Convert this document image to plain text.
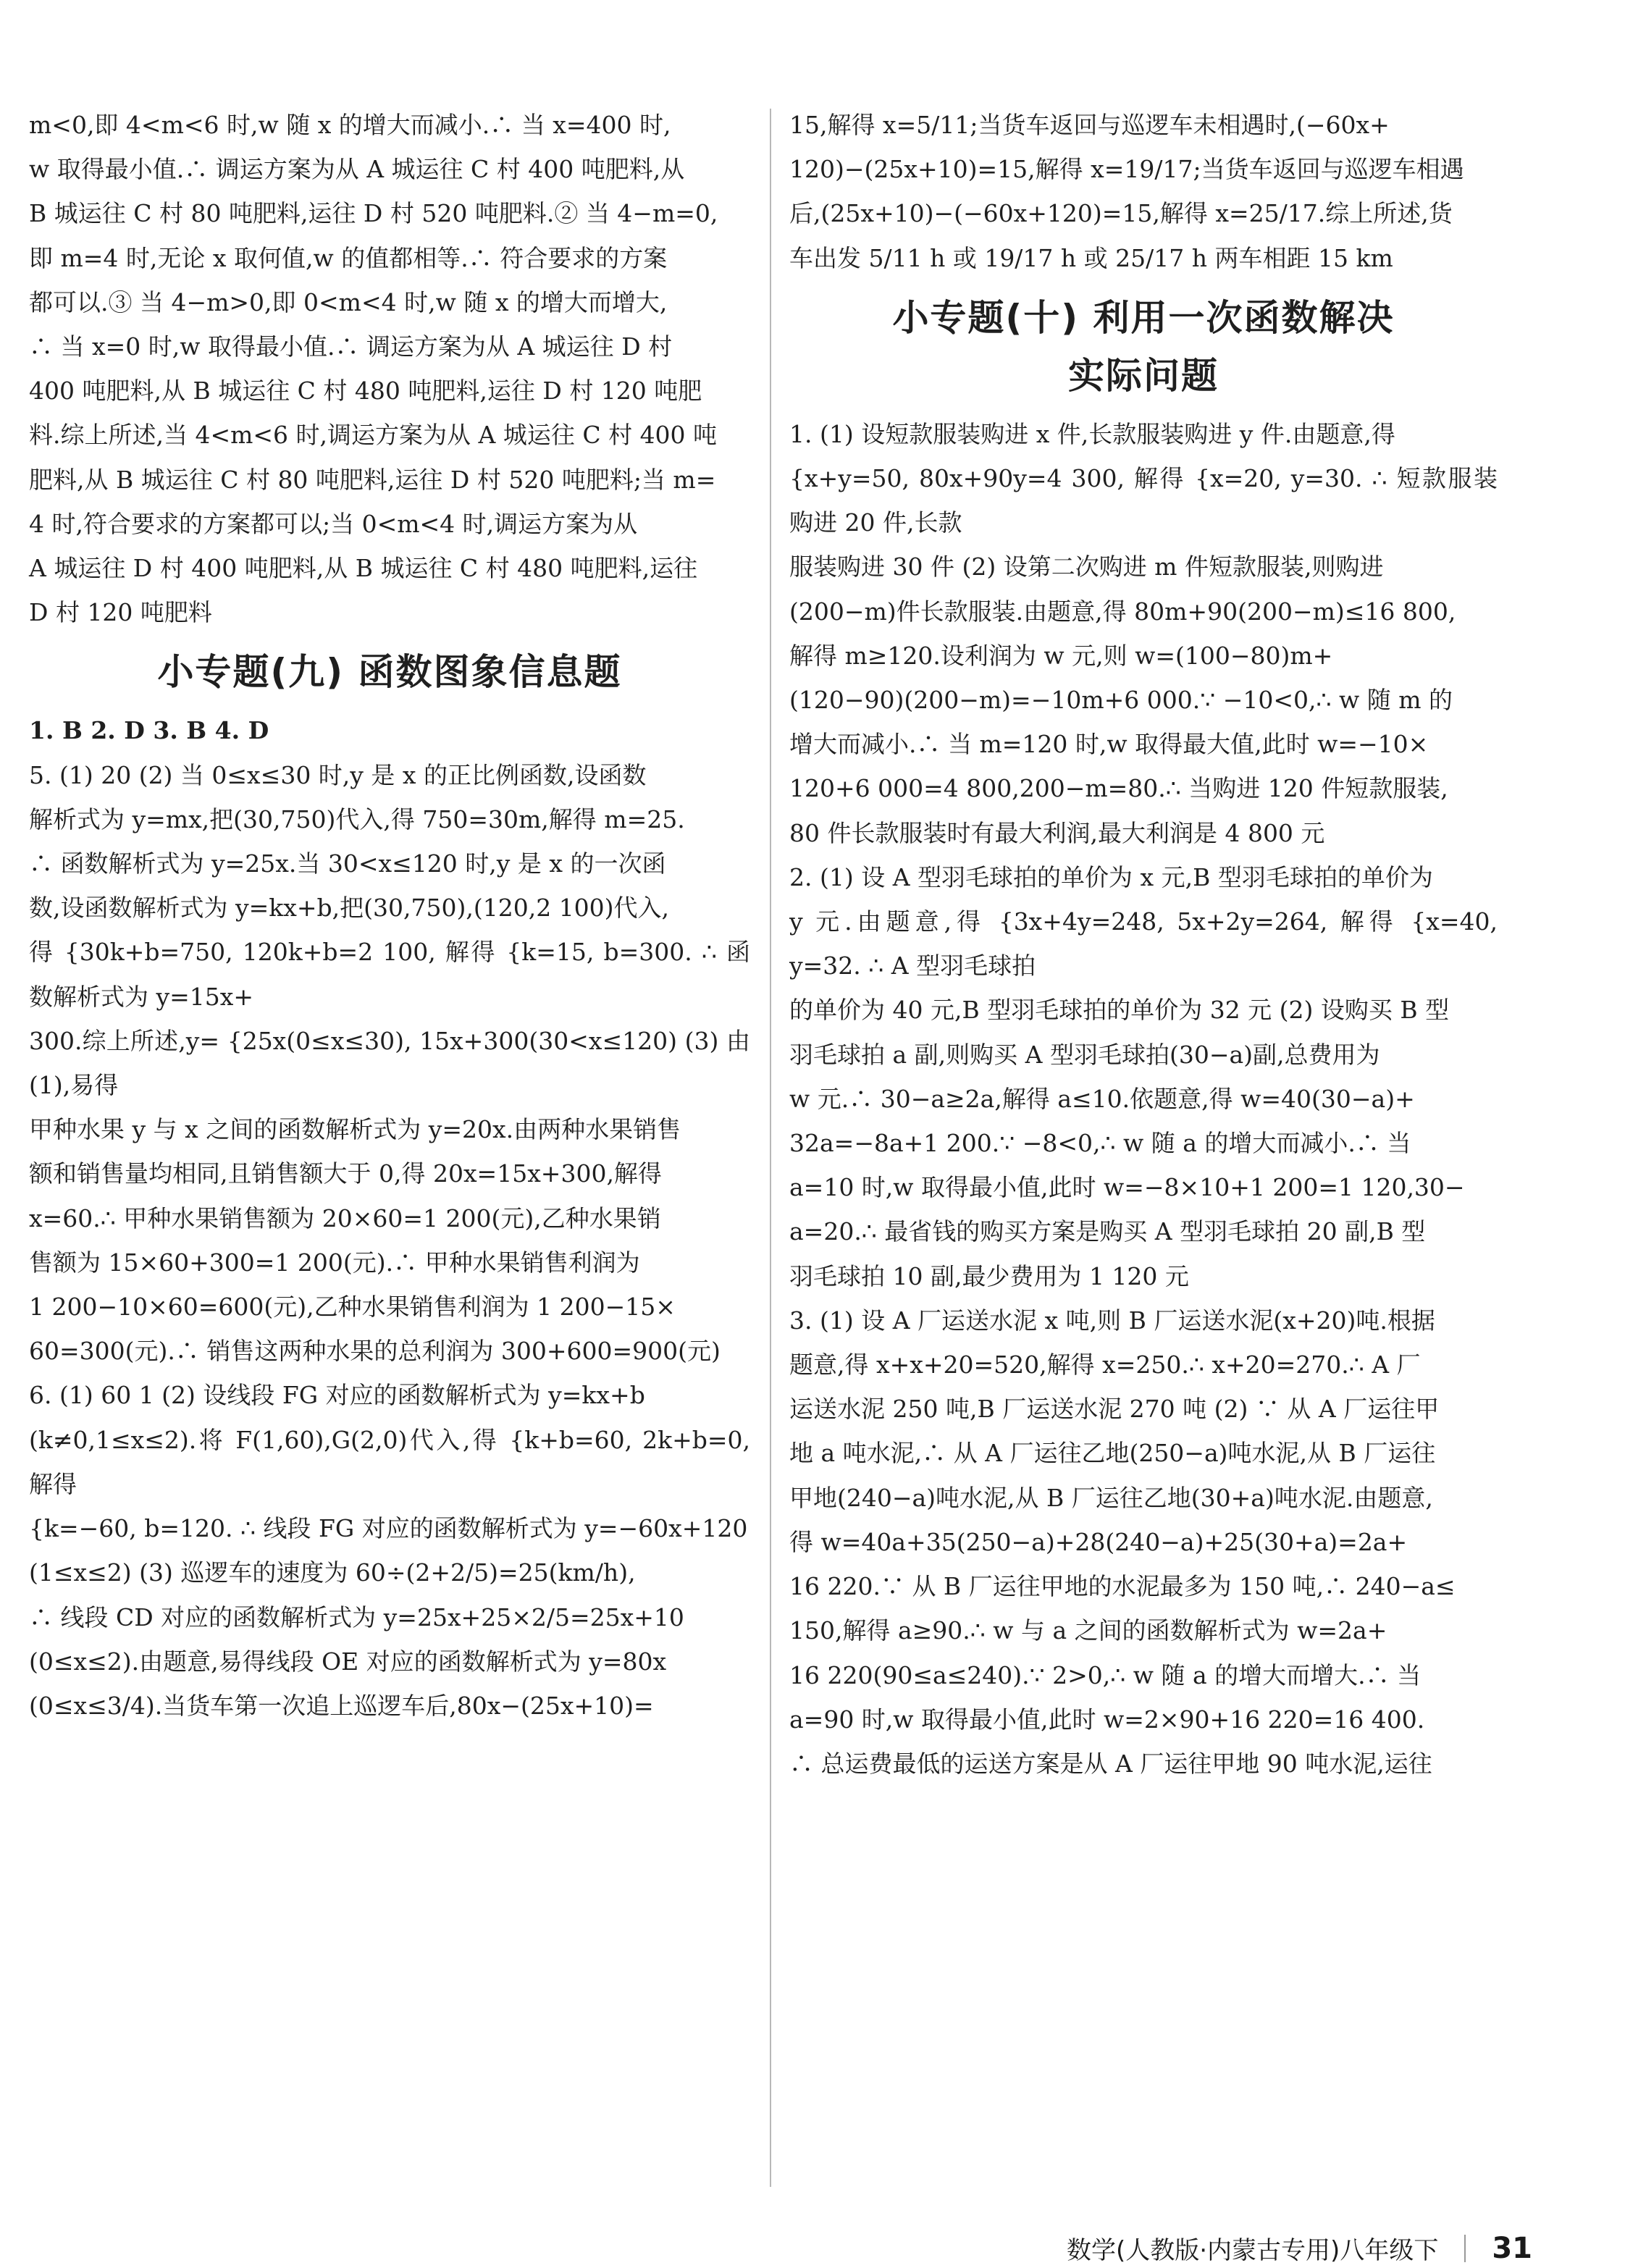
m<0,即 4<m<6 时,w 随 x 的增大而减小.∴ 当 x=400 时,

w 取得最小值.∴ 调运方案为从 A 城运往 C 村 400 吨肥料,从

B 城运往 C 村 80 吨肥料,运往 D 村 520 吨肥料.② 当 4−m=0,

即 m=4 时,无论 x 取何值,w 的值都相等.∴ 符合要求的方案

都可以.③ 当 4−m>0,即 0<m<4 时,w 随 x 的增大而增大,

∴ 当 x=0 时,w 取得最小值.∴ 调运方案为从 A 城运往 D 村

400 吨肥料,从 B 城运往 C 村 480 吨肥料,运往 D 村 120 吨肥

料.综上所述,当 4<m<6 时,调运方案为从 A 城运往 C 村 400 吨

肥料,从 B 城运往 C 村 80 吨肥料,运往 D 村 520 吨肥料;当 m=

4 时,符合要求的方案都可以;当 0<m<4 时,调运方案为从

A 城运往 D 村 400 吨肥料,从 B 城运往 C 村 480 吨肥料,运往

D 村 120 吨肥料

小专题(九) 函数图象信息题

1. B 2. D 3. B 4. D

5. (1) 20 (2) 当 0≤x≤30 时,y 是 x 的正比例函数,设函数

解析式为 y=mx,把(30,750)代入,得 750=30m,解得 m=25.

∴ 函数解析式为 y=25x.当 30<x≤120 时,y 是 x 的一次函

数,设函数解析式为 y=kx+b,把(30,750),(120,2 100)代入,

得 {30k+b=750, 120k+b=2 100, 解得 {k=15, b=300. ∴ 函数解析式为 y=15x+

300.综上所述,y= {25x(0≤x≤30), 15x+300(30<x≤120) (3) 由(1),易得

甲种水果 y 与 x 之间的函数解析式为 y=20x.由两种水果销售

额和销售量均相同,且销售额大于 0,得 20x=15x+300,解得

x=60.∴ 甲种水果销售额为 20×60=1 200(元),乙种水果销

售额为 15×60+300=1 200(元).∴ 甲种水果销售利润为

1 200−10×60=600(元),乙种水果销售利润为 1 200−15×

60=300(元).∴ 销售这两种水果的总利润为 300+600=900(元)

6. (1) 60 1 (2) 设线段 FG 对应的函数解析式为 y=kx+b

(k≠0,1≤x≤2).将 F(1,60),G(2,0)代入,得 {k+b=60, 2k+b=0, 解得

{k=−60, b=120. ∴ 线段 FG 对应的函数解析式为 y=−60x+120

(1≤x≤2) (3) 巡逻车的速度为 60÷(2+2/5)=25(km/h),

∴ 线段 CD 对应的函数解析式为 y=25x+25×2/5=25x+10

(0≤x≤2).由题意,易得线段 OE 对应的函数解析式为 y=80x

(0≤x≤3/4).当货车第一次追上巡逻车后,80x−(25x+10)=

15,解得 x=5/11;当货车返回与巡逻车未相遇时,(−60x+

120)−(25x+10)=15,解得 x=19/17;当货车返回与巡逻车相遇

后,(25x+10)−(−60x+120)=15,解得 x=25/17.综上所述,货

车出发 5/11 h 或 19/17 h 或 25/17 h 两车相距 15 km

小专题(十) 利用一次函数解决

实际问题

1. (1) 设短款服装购进 x 件,长款服装购进 y 件.由题意,得

{x+y=50, 80x+90y=4 300, 解得 {x=20, y=30. ∴ 短款服装购进 20 件,长款

服装购进 30 件 (2) 设第二次购进 m 件短款服装,则购进

(200−m)件长款服装.由题意,得 80m+90(200−m)≤16 800,

解得 m≥120.设利润为 w 元,则 w=(100−80)m+

(120−90)(200−m)=−10m+6 000.∵ −10<0,∴ w 随 m 的

增大而减小.∴ 当 m=120 时,w 取得最大值,此时 w=−10×

120+6 000=4 800,200−m=80.∴ 当购进 120 件短款服装,

80 件长款服装时有最大利润,最大利润是 4 800 元

2. (1) 设 A 型羽毛球拍的单价为 x 元,B 型羽毛球拍的单价为

y 元.由题意,得 {3x+4y=248, 5x+2y=264, 解得 {x=40, y=32. ∴ A 型羽毛球拍

的单价为 40 元,B 型羽毛球拍的单价为 32 元 (2) 设购买 B 型

羽毛球拍 a 副,则购买 A 型羽毛球拍(30−a)副,总费用为

w 元.∴ 30−a≥2a,解得 a≤10.依题意,得 w=40(30−a)+

32a=−8a+1 200.∵ −8<0,∴ w 随 a 的增大而减小.∴ 当

a=10 时,w 取得最小值,此时 w=−8×10+1 200=1 120,30−

a=20.∴ 最省钱的购买方案是购买 A 型羽毛球拍 20 副,B 型

羽毛球拍 10 副,最少费用为 1 120 元

3. (1) 设 A 厂运送水泥 x 吨,则 B 厂运送水泥(x+20)吨.根据

题意,得 x+x+20=520,解得 x=250.∴ x+20=270.∴ A 厂

运送水泥 250 吨,B 厂运送水泥 270 吨 (2) ∵ 从 A 厂运往甲

地 a 吨水泥,∴ 从 A 厂运往乙地(250−a)吨水泥,从 B 厂运往

甲地(240−a)吨水泥,从 B 厂运往乙地(30+a)吨水泥.由题意,

得 w=40a+35(250−a)+28(240−a)+25(30+a)=2a+

16 220.∵ 从 B 厂运往甲地的水泥最多为 150 吨,∴ 240−a≤

150,解得 a≥90.∴ w 与 a 之间的函数解析式为 w=2a+

16 220(90≤a≤240).∵ 2>0,∴ w 随 a 的增大而增大.∴ 当

a=90 时,w 取得最小值,此时 w=2×90+16 220=16 400.

∴ 总运费最低的运送方案是从 A 厂运往甲地 90 吨水泥,运往

数学(人教版·内蒙古专用)八年级下 31
